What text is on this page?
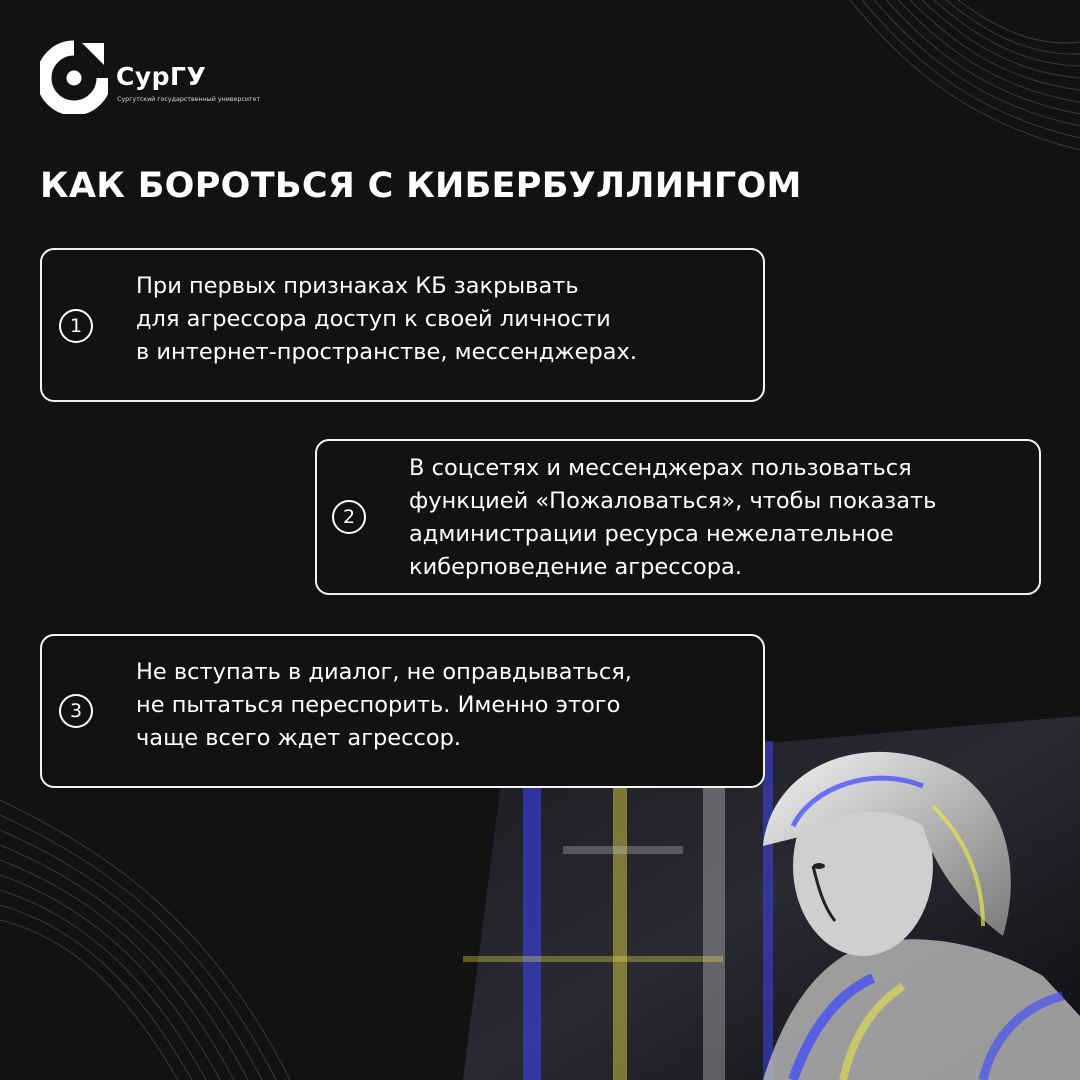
СурГУ
Сургутский государственный университет
КАК БОРОТЬСЯ С КИБЕРБУЛЛИНГОМ
1

При первых признаках КБ закрывать
для агрессора доступ к своей личности
в интернет-пространстве, мессенджерах.

2

В соцсетях и мессенджерах пользоваться
функцией «Пожаловаться», чтобы показать
администрации ресурса нежелательное
киберповедение агрессора.

3

Не вступать в диалог, не оправдываться,
не пытаться переспорить. Именно этого
чаще всего ждет агрессор.
